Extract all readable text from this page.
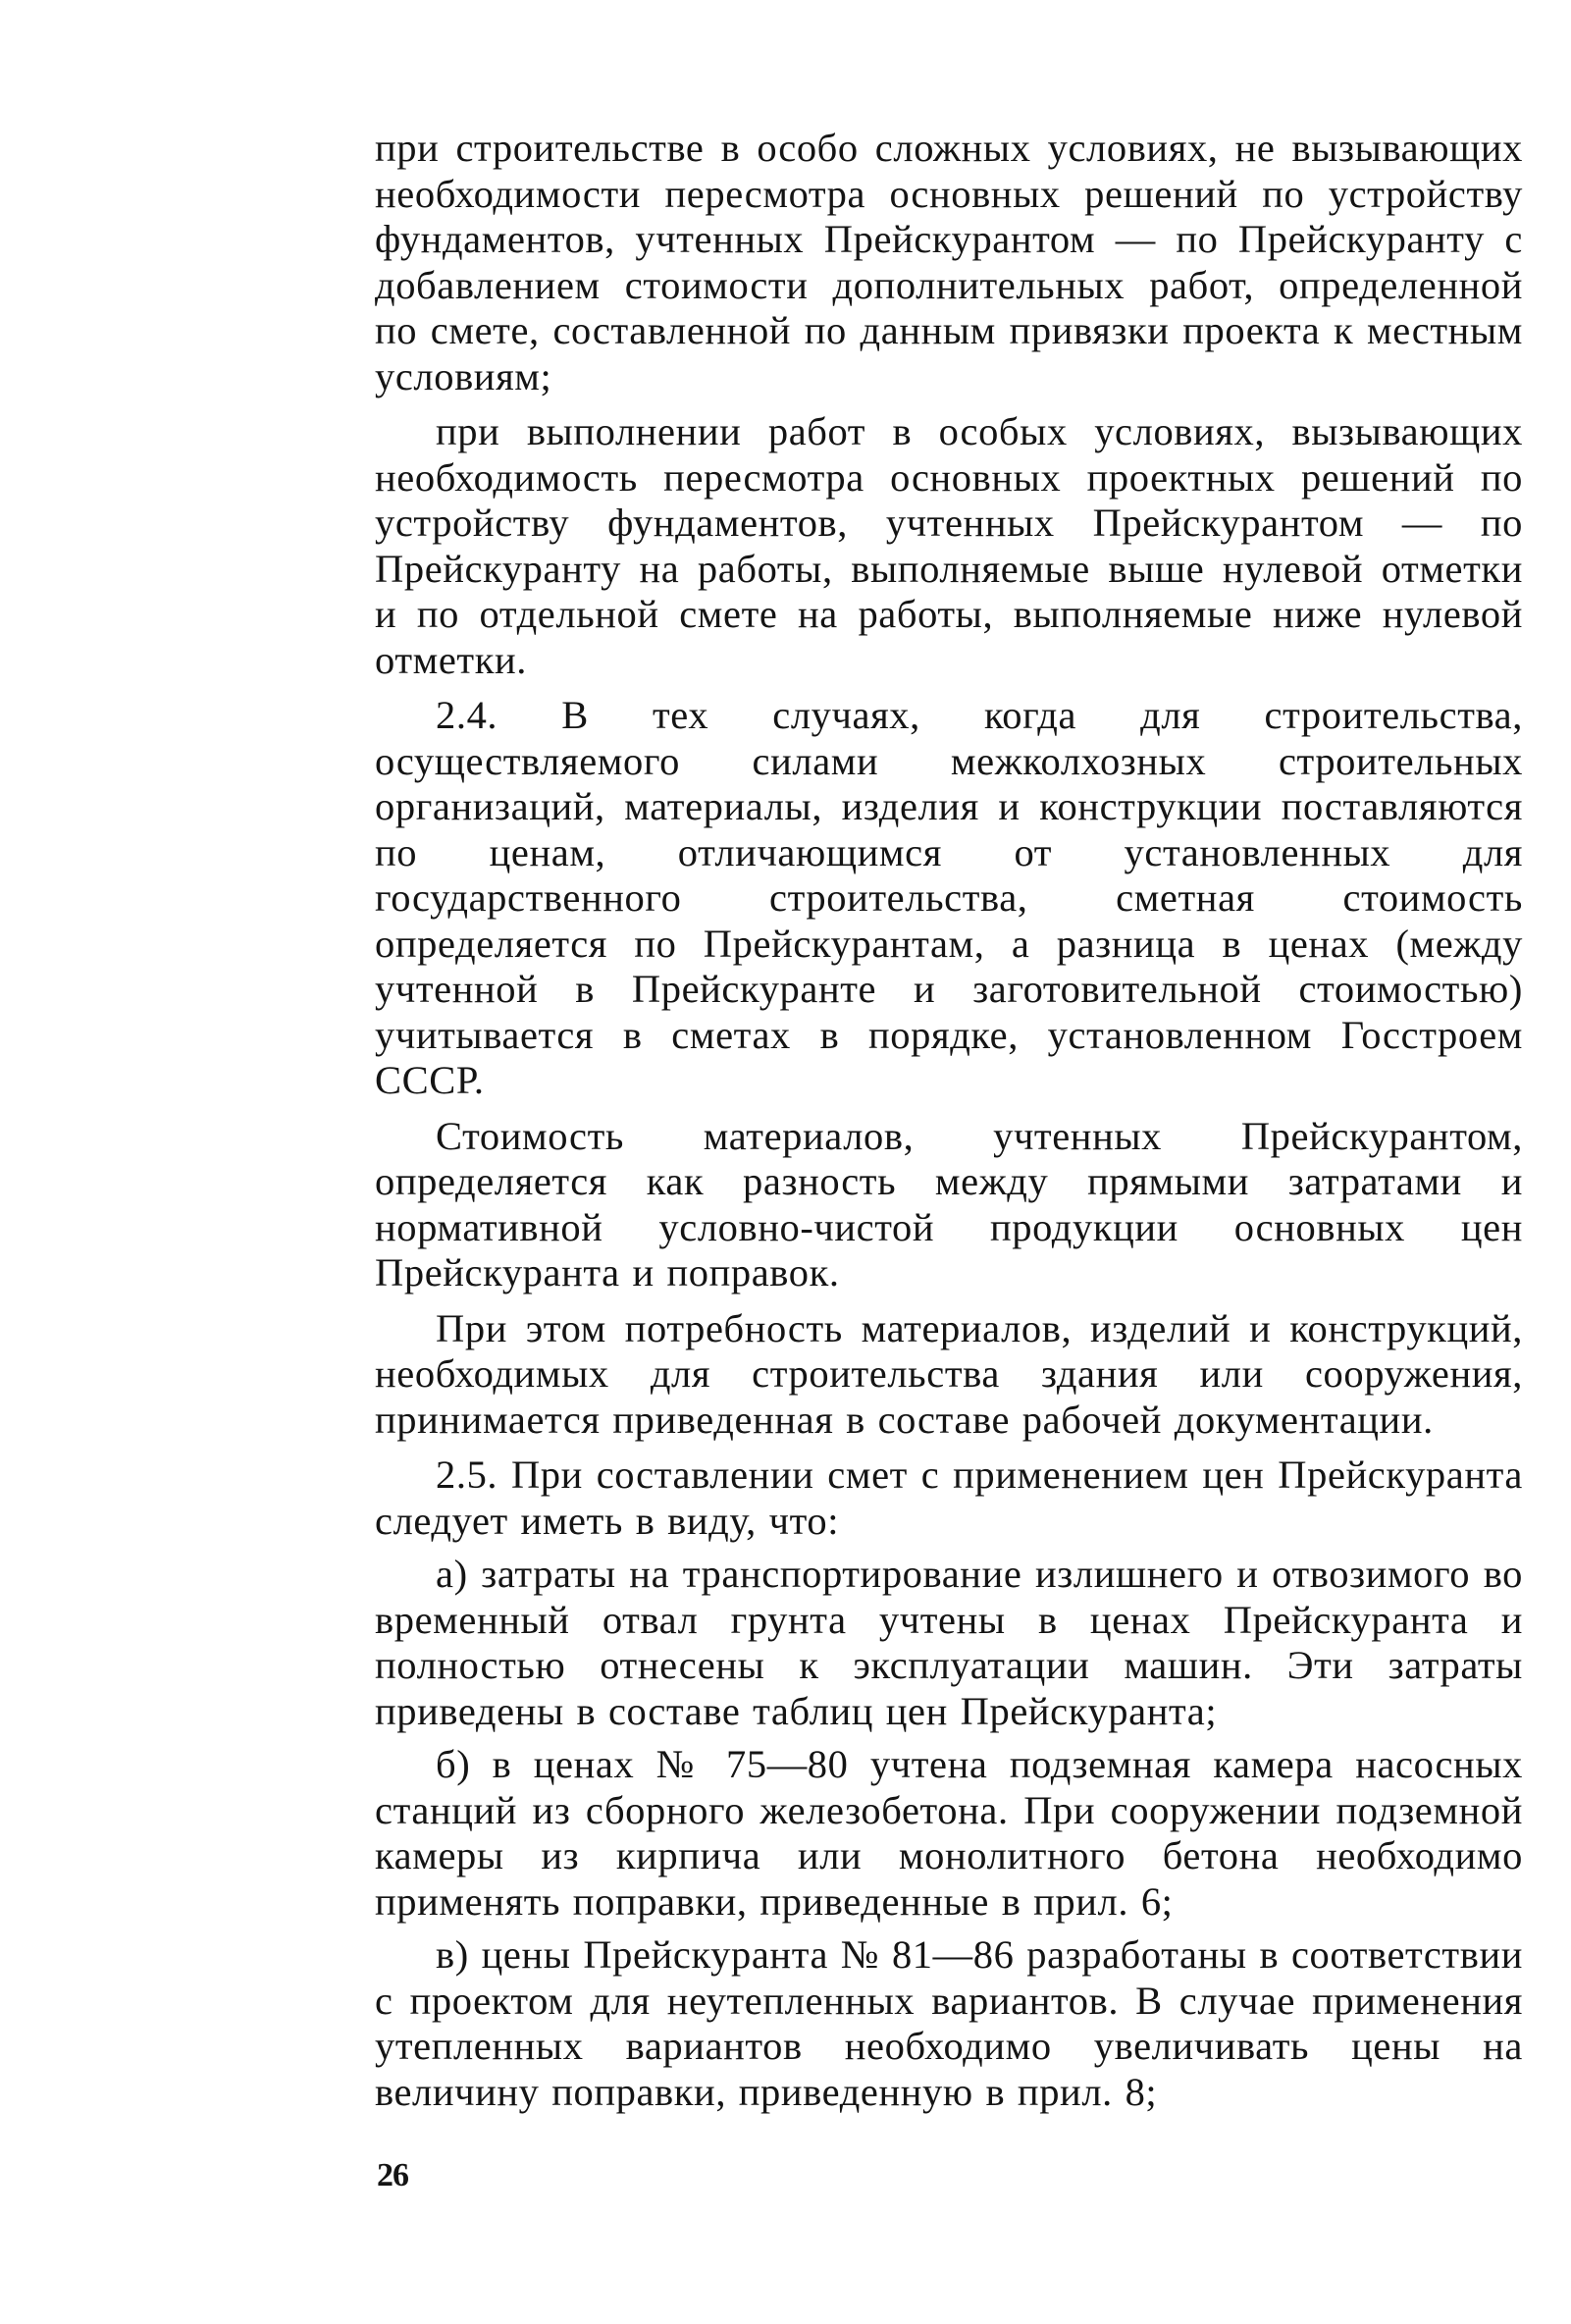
при строительстве в особо сложных условиях, не вызывающих необходимости пересмотра основных решений по устройству фундаментов, учтенных Прейскурантом — по Прейскуранту с добавлением стоимости дополнительных работ, определенной по смете, составленной по данным привязки проекта к местным условиям;

при выполнении работ в особых условиях, вызывающих необходимость пересмотра основных проектных решений по устройству фундаментов, учтенных Прейскурантом — по Прейскуранту на работы, выполняемые выше нулевой отметки и по отдельной смете на работы, выполняемые ниже нулевой отметки.

2.4. В тех случаях, когда для строительства, осуществляемого силами межколхозных строительных организаций, материалы, изделия и конструкции поставляются по ценам, отличающимся от установленных для государственного строительства, сметная стоимость определяется по Прейскурантам, а разница в ценах (между учтенной в Прейскуранте и заготовительной стоимостью) учитывается в сметах в порядке, установленном Госстроем СССР.

Стоимость материалов, учтенных Прейскурантом, определяется как разность между прямыми затратами и нормативной условно-чистой продукции основных цен Прейскуранта и поправок.

При этом потребность материалов, изделий и конструкций, необходимых для строительства здания или сооружения, принимается приведенная в составе рабочей документации.

2.5. При составлении смет с применением цен Прейскуранта следует иметь в виду, что:

а) затраты на транспортирование излишнего и отвозимого во временный отвал грунта учтены в ценах Прейскуранта и полностью отнесены к эксплуатации машин. Эти затраты приведены в составе таблиц цен Прейскуранта;

б) в ценах № 75—80 учтена подземная камера насосных станций из сборного железобетона. При сооружении подземной камеры из кирпича или монолитного бетона необходимо применять поправки, приведенные в прил. 6;

в) цены Прейскуранта № 81—86 разработаны в соответствии с проектом для неутепленных вариантов. В случае применения утепленных вариантов необходимо увеличивать цены на величину поправки, приведенную в прил. 8;

26
